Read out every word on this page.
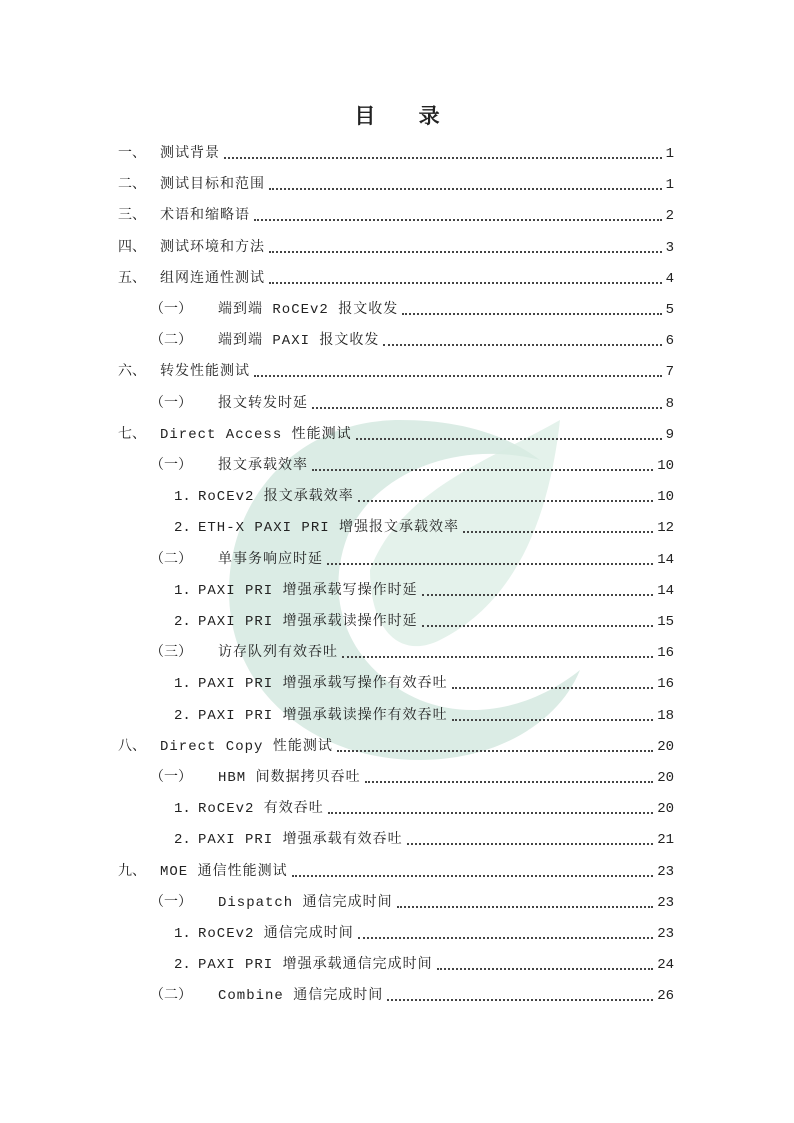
目 录
一、	测试背景	1
二、	测试目标和范围	1
三、	术语和缩略语	2
四、	测试环境和方法	3
五、	组网连通性测试	4
（一）	端到端 RoCEv2 报文收发	5
（二）	端到端 PAXI 报文收发	6
六、	转发性能测试	7
（一）	报文转发时延	8
七、	Direct Access 性能测试	9
（一）	报文承载效率	10
1. RoCEv2 报文承载效率	10
2. ETH-X PAXI PRI 增强报文承载效率	12
（二）	单事务响应时延	14
1. PAXI PRI 增强承载写操作时延	14
2. PAXI PRI 增强承载读操作时延	15
（三）	访存队列有效吞吐	16
1. PAXI PRI 增强承载写操作有效吞吐	16
2. PAXI PRI 增强承载读操作有效吞吐	18
八、	Direct Copy 性能测试	20
（一）	HBM 间数据拷贝吞吐	20
1. RoCEv2 有效吞吐	20
2. PAXI PRI 增强承载有效吞吐	21
九、	MOE 通信性能测试	23
（一）	Dispatch 通信完成时间	23
1. RoCEv2 通信完成时间	23
2. PAXI PRI 增强承载通信完成时间	24
（二）	Combine 通信完成时间	26
